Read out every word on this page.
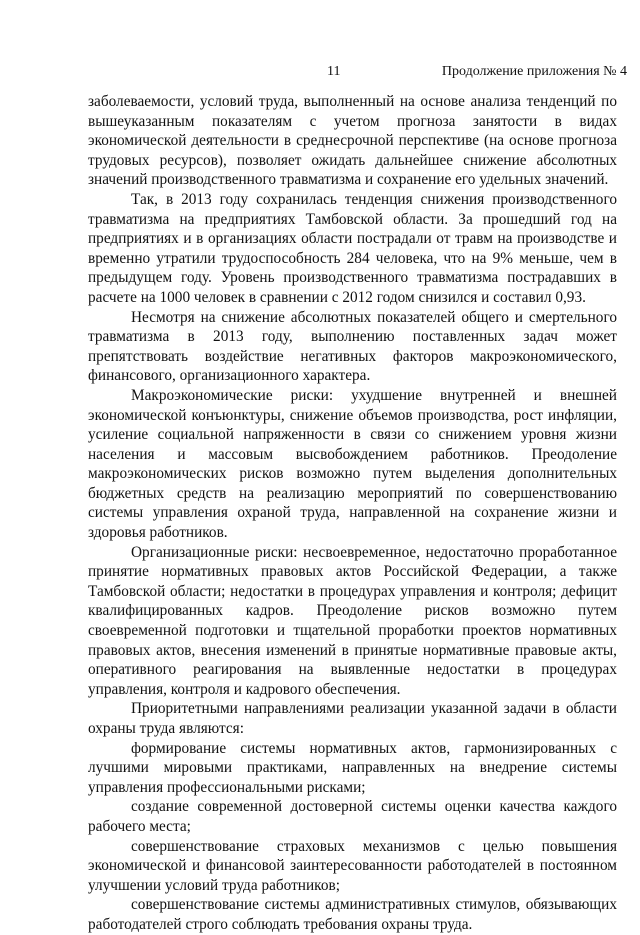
11	Продолжение приложения № 4

заболеваемости, условий труда, выполненный на основе анализа тенденций по вышеуказанным показателям с учетом прогноза занятости в видах экономической деятельности в среднесрочной перспективе (на основе прогноза трудовых ресурсов), позволяет ожидать дальнейшее снижение абсолютных значений производственного травматизма и сохранение его удельных значений.

Так, в 2013 году сохранилась тенденция снижения производственного травматизма на предприятиях Тамбовской области. За прошедший год на предприятиях и в организациях области пострадали от травм на производстве и временно утратили трудоспособность 284 человека, что на 9% меньше, чем в предыдущем году. Уровень производственного травматизма пострадавших в расчете на 1000 человек в сравнении с 2012 годом снизился и составил 0,93.

Несмотря на снижение абсолютных показателей общего и смертельного травматизма в 2013 году, выполнению поставленных задач может препятствовать воздействие негативных факторов макроэкономического, финансового, организационного характера.

Макроэкономические риски: ухудшение внутренней и внешней экономической конъюнктуры, снижение объемов производства, рост инфляции, усиление социальной напряженности в связи со снижением уровня жизни населения и массовым высвобождением работников. Преодоление макроэкономических рисков возможно путем выделения дополнительных бюджетных средств на реализацию мероприятий по совершенствованию системы управления охраной труда, направленной на сохранение жизни и здоровья работников.

Организационные риски: несвоевременное, недостаточно проработанное принятие нормативных правовых актов Российской Федерации, а также Тамбовской области; недостатки в процедурах управления и контроля; дефицит квалифицированных кадров. Преодоление рисков возможно путем своевременной подготовки и тщательной проработки проектов нормативных правовых актов, внесения изменений в принятые нормативные правовые акты, оперативного реагирования на выявленные недостатки в процедурах управления, контроля и кадрового обеспечения.

Приоритетными направлениями реализации указанной задачи в области охраны труда являются:

формирование системы нормативных актов, гармонизированных с лучшими мировыми практиками, направленных на внедрение системы управления профессиональными рисками;

создание современной достоверной системы оценки качества каждого рабочего места;

совершенствование страховых механизмов с целью повышения экономической и финансовой заинтересованности работодателей в постоянном улучшении условий труда работников;

совершенствование системы административных стимулов, обязывающих работодателей строго соблюдать требования охраны труда.
